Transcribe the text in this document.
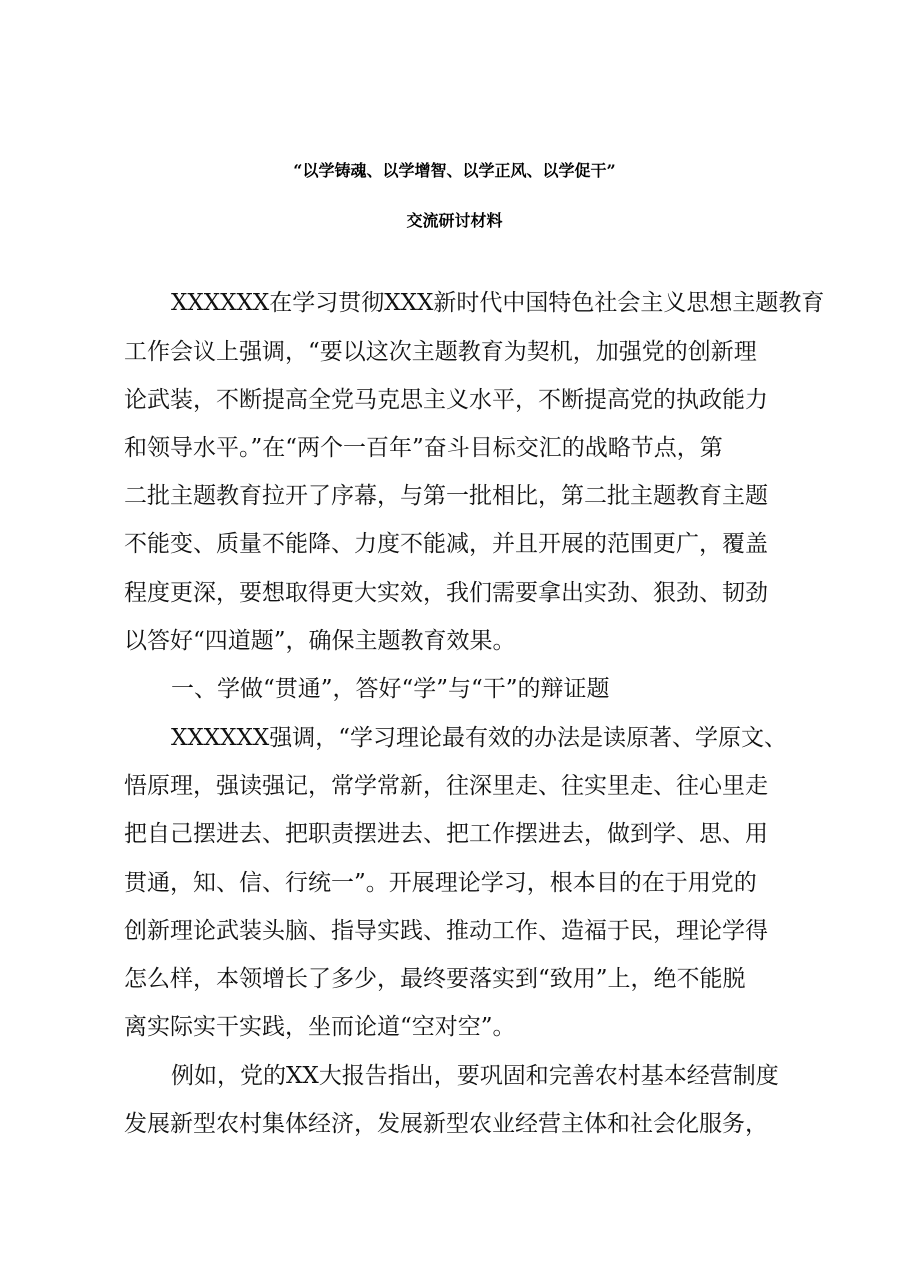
“以学铸魂、以学增智、以学正风、以学促干”
交流研讨材料
XXXXXX在学习贯彻XXX新时代中国特色社会主义思想主题教育
工作会议上强调，“要以这次主题教育为契机，加强党的创新理
论武装，不断提高全党马克思主义水平，不断提高党的执政能力
和领导水平。”在“两个一百年”奋斗目标交汇的战略节点，第
二批主题教育拉开了序幕，与第一批相比，第二批主题教育主题
不能变、质量不能降、力度不能减，并且开展的范围更广，覆盖
程度更深，要想取得更大实效，我们需要拿出实劲、狠劲、韧劲
以答好“四道题”，确保主题教育效果。
一、学做“贯通”，答好“学”与“干”的辩证题
XXXXXX强调，“学习理论最有效的办法是读原著、学原文、
悟原理，强读强记，常学常新，往深里走、往实里走、往心里走
把自己摆进去、把职责摆进去、把工作摆进去，做到学、思、用
贯通，知、信、行统一”。开展理论学习，根本目的在于用党的
创新理论武装头脑、指导实践、推动工作、造福于民，理论学得
怎么样，本领增长了多少，最终要落实到“致用”上，绝不能脱
离实际实干实践，坐而论道“空对空”。
例如，党的XX大报告指出，要巩固和完善农村基本经营制度
发展新型农村集体经济，发展新型农业经营主体和社会化服务，
